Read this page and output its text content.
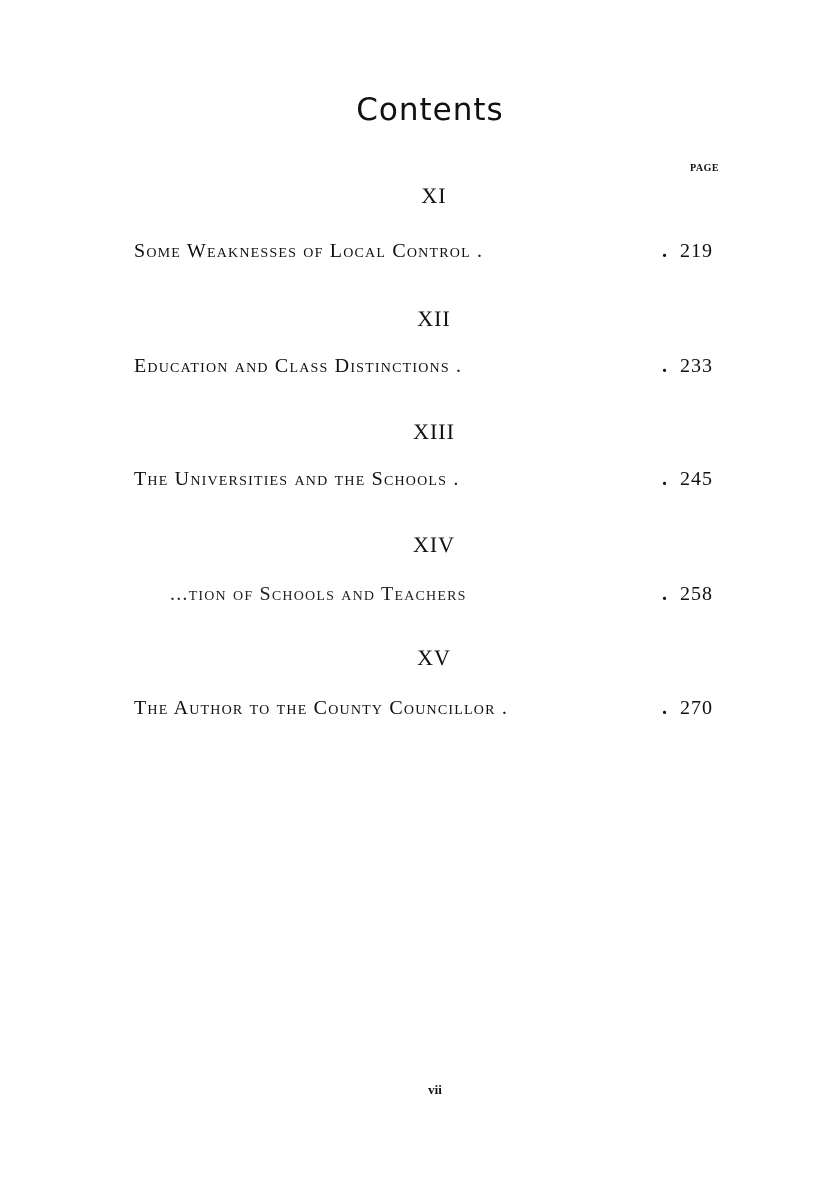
Contents
PAGE
XI
Some Weaknesses of Local Control .	. 219
XII
Education and Class Distinctions .	. 233
XIII
The Universities and the Schools .	. 245
XIV
...tion of Schools and Teachers	. 258
XV
The Author to the County Councillor .	. 270
vii
